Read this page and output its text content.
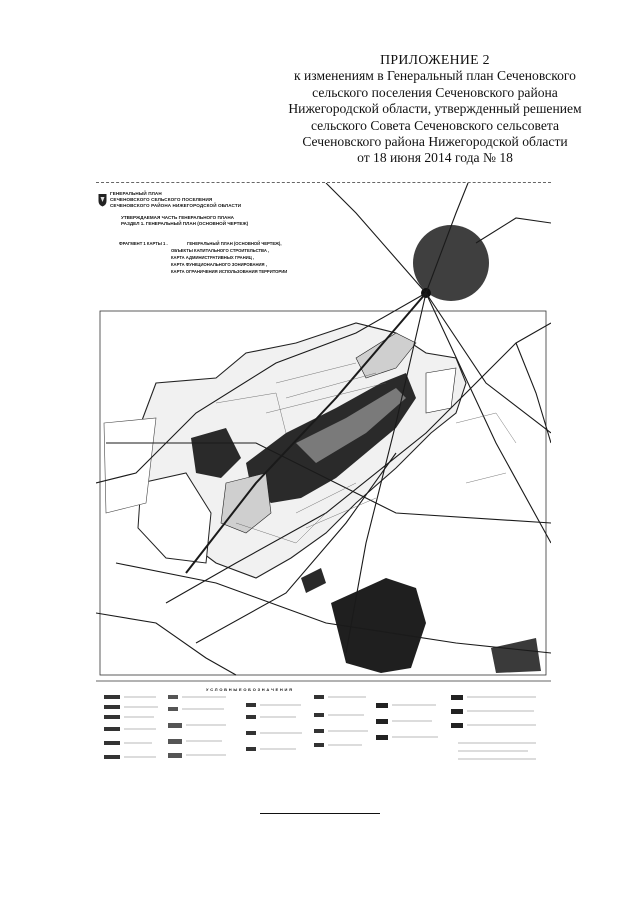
ПРИЛОЖЕНИЕ 2
к изменениям в Генеральный план Сеченовского
сельского поселения Сеченовского района
Нижегородской области, утвержденный решением
сельского Совета Сеченовского сельсовета
Сеченовского района Нижегородской области
от 18 июня 2014 года № 18
ГЕНЕРАЛЬНЫЙ ПЛАН
СЕЧЕНОВСКОГО СЕЛЬСКОГО ПОСЕЛЕНИЯ
СЕЧЕНОВСКОГО РАЙОНА НИЖЕГОРОДСКОЙ ОБЛАСТИ
УТВЕРЖДАЕМАЯ ЧАСТЬ ГЕНЕРАЛЬНОГО ПЛАНА
РАЗДЕЛ 1. ГЕНЕРАЛЬНЫЙ ПЛАН (ОСНОВНОЙ ЧЕРТЕЖ)
ФРАГМЕНТ 1 КАРТЫ 1 .	ГЕНЕРАЛЬНЫЙ ПЛАН (ОСНОВНОЙ ЧЕРТЕЖ),
ОБЪЕКТЫ КАПИТАЛЬНОГО СТРОИТЕЛЬСТВА ,
КАРТА АДМИНИСТРАТИВНЫХ ГРАНИЦ ,
КАРТА ФУНКЦИОНАЛЬНОГО ЗОНИРОВАНИЯ ,
КАРТА ОГРАНИЧЕНИЯ ИСПОЛЬЗОВАНИЯ ТЕРРИТОРИИ
У С Л О В Н Ы Е О Б О З Н А Ч Е Н И Я
